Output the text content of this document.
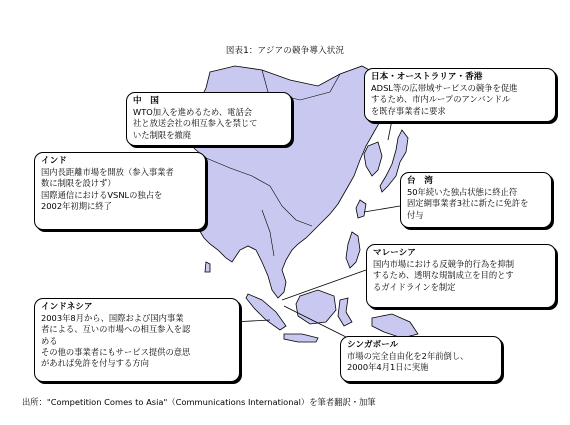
図表1：アジアの競争導入状況
中　国
WTO加入を進めるため、電話会
社と放送会社の相互参入を禁じて
いた制限を撤廃
日本・オーストラリア・香港
ADSL等の広帯域サービスの競争を促進
するため、市内ループのアンバンドル
を既存事業者に要求
インド
国内長距離市場を開放（参入事業者
数に制限を設けず）
国際通信におけるVSNLの独占を
2002年初期に終了
台　湾
50年続いた独占状態に終止符
固定網事業者3社に新たに免許を
付与
マレーシア
国内市場における反競争的行為を抑制
するため、透明な規制成立を目的とす
るガイドラインを制定
インドネシア
2003年8月から、国際および国内事業
者による、互いの市場への相互参入を認
める
その他の事業者にもサービス提供の意思
があれば免許を付与する方向
シンガポール
市場の完全自由化を2年前倒し、
2000年4月1日に実施
出所："Competition Comes to Asia"（Communications International）を筆者翻訳・加筆
